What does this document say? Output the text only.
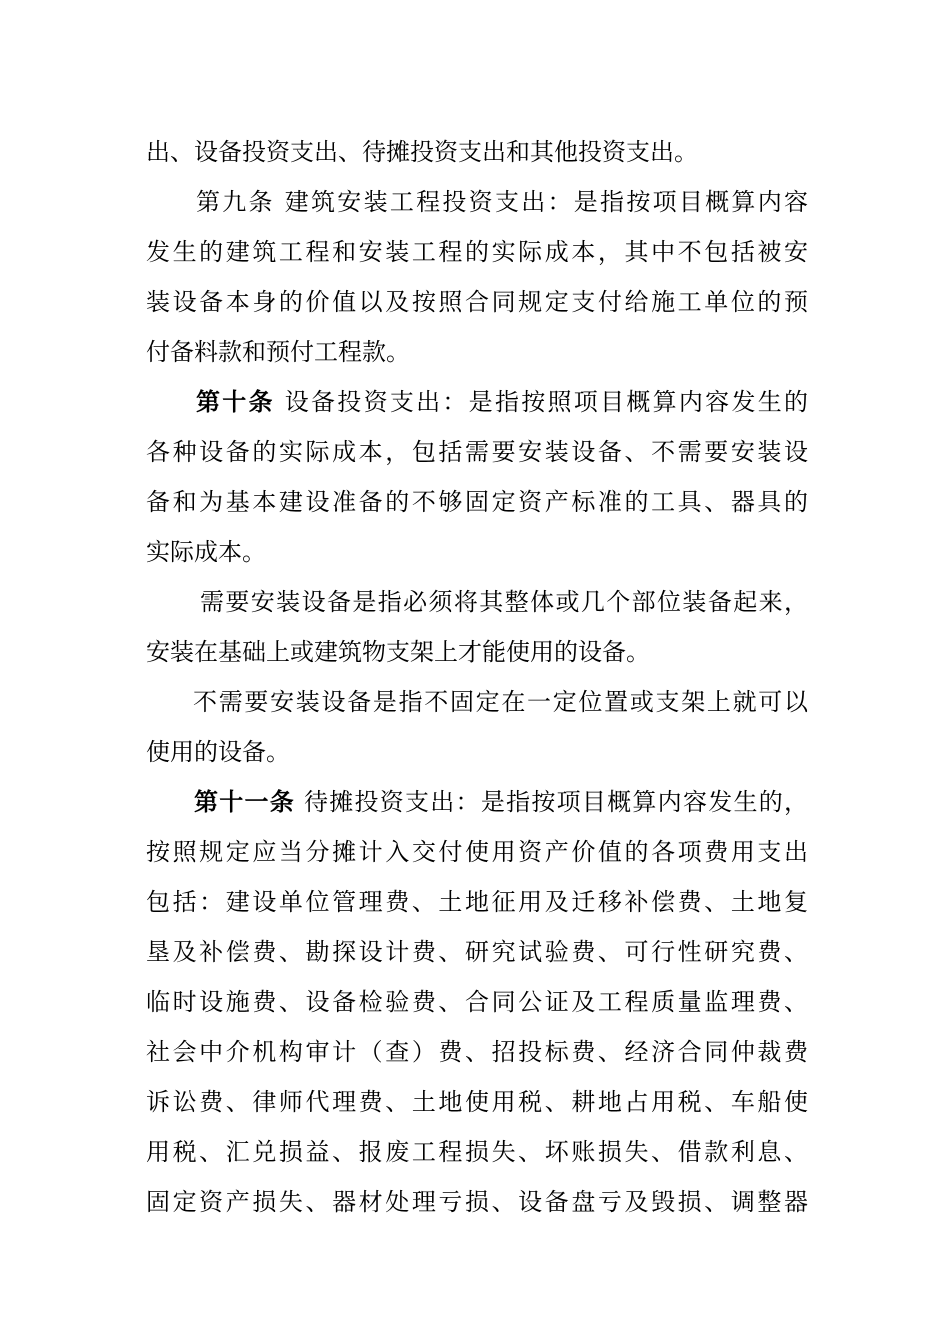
出、设备投资支出、待摊投资支出和其他投资支出。
第九条 建筑安装工程投资支出：是指按项目概算内容
发生的建筑工程和安装工程的实际成本，其中不包括被安
装设备本身的价值以及按照合同规定支付给施工单位的预
付备料款和预付工程款。
第十条 设备投资支出：是指按照项目概算内容发生的
各种设备的实际成本，包括需要安装设备、不需要安装设
备和为基本建设准备的不够固定资产标准的工具、器具的
实际成本。
需要安装设备是指必须将其整体或几个部位装备起来，
安装在基础上或建筑物支架上才能使用的设备。
不需要安装设备是指不固定在一定位置或支架上就可以
使用的设备。
第十一条 待摊投资支出：是指按项目概算内容发生的，
按照规定应当分摊计入交付使用资产价值的各项费用支出
包括：建设单位管理费、土地征用及迁移补偿费、土地复
垦及补偿费、勘探设计费、研究试验费、可行性研究费、
临时设施费、设备检验费、合同公证及工程质量监理费、
社会中介机构审计（查）费、招投标费、经济合同仲裁费
诉讼费、律师代理费、土地使用税、耕地占用税、车船使
用税、汇兑损益、报废工程损失、坏账损失、借款利息、
固定资产损失、器材处理亏损、设备盘亏及毁损、调整器
